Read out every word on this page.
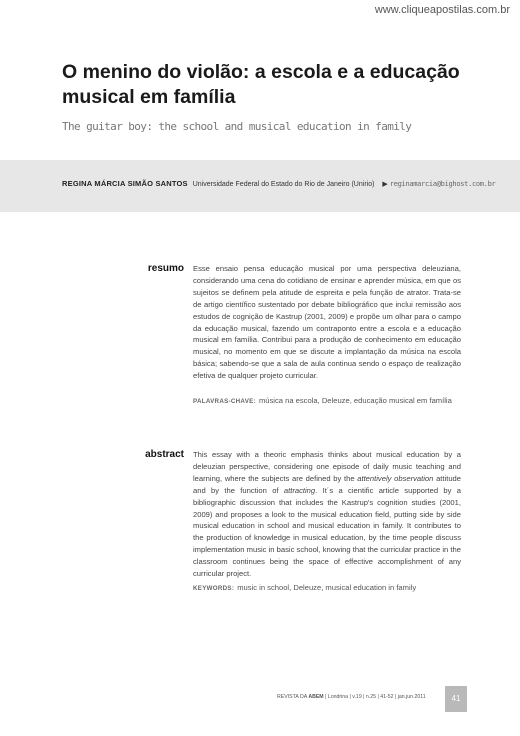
www.cliqueapostilas.com.br
O menino do violão: a escola e a educação musical em família
The guitar boy: the school and musical education in family
REGINA MÁRCIA SIMÃO SANTOS Universidade Federal do Estado do Rio de Janeiro (Unirio) ▶ reginamarcia@bighost.com.br
resumo Esse ensaio pensa educação musical por uma perspectiva deleuziana, considerando uma cena do cotidiano de ensinar e aprender música, em que os sujeitos se definem pela atitude de espreita e pela função de atrator. Trata-se de artigo científico sustentado por debate bibliográfico que inclui remissão aos estudos de cognição de Kastrup (2001, 2009) e propõe um olhar para o campo da educação musical, fazendo um contraponto entre a escola e a educação musical em família. Contribui para a produção de conhecimento em educação musical, no momento em que se discute a implantação da música na escola básica; sabendo-se que a sala de aula continua sendo o espaço de realização efetiva de qualquer projeto curricular.

PALAVRAS-CHAVE: música na escola, Deleuze, educação musical em família
abstract This essay with a theoric emphasis thinks about musical education by a deleuzian perspective, considering one episode of daily music teaching and learning, where the subjects are defined by the attentively observation attitude and by the function of attracting. It´s a cientific article supported by a bibliographic discussion that includes the Kastrup's cognition studies (2001, 2009) and proposes a look to the musical education field, putting side by side musical education in school and musical education in family. It contributes to the production of knowledge in musical education, by the time people discuss implementation music in basic school, knowing that the curricular practice in the classroom continues being the space of effective accomplishment of any curricular project.

KEYWORDS: music in school, Deleuze, musical education in family
REVISTA DA ABEM | Londrina | v.19 | n.25 | 41-52 | jan.jun.2011	41
